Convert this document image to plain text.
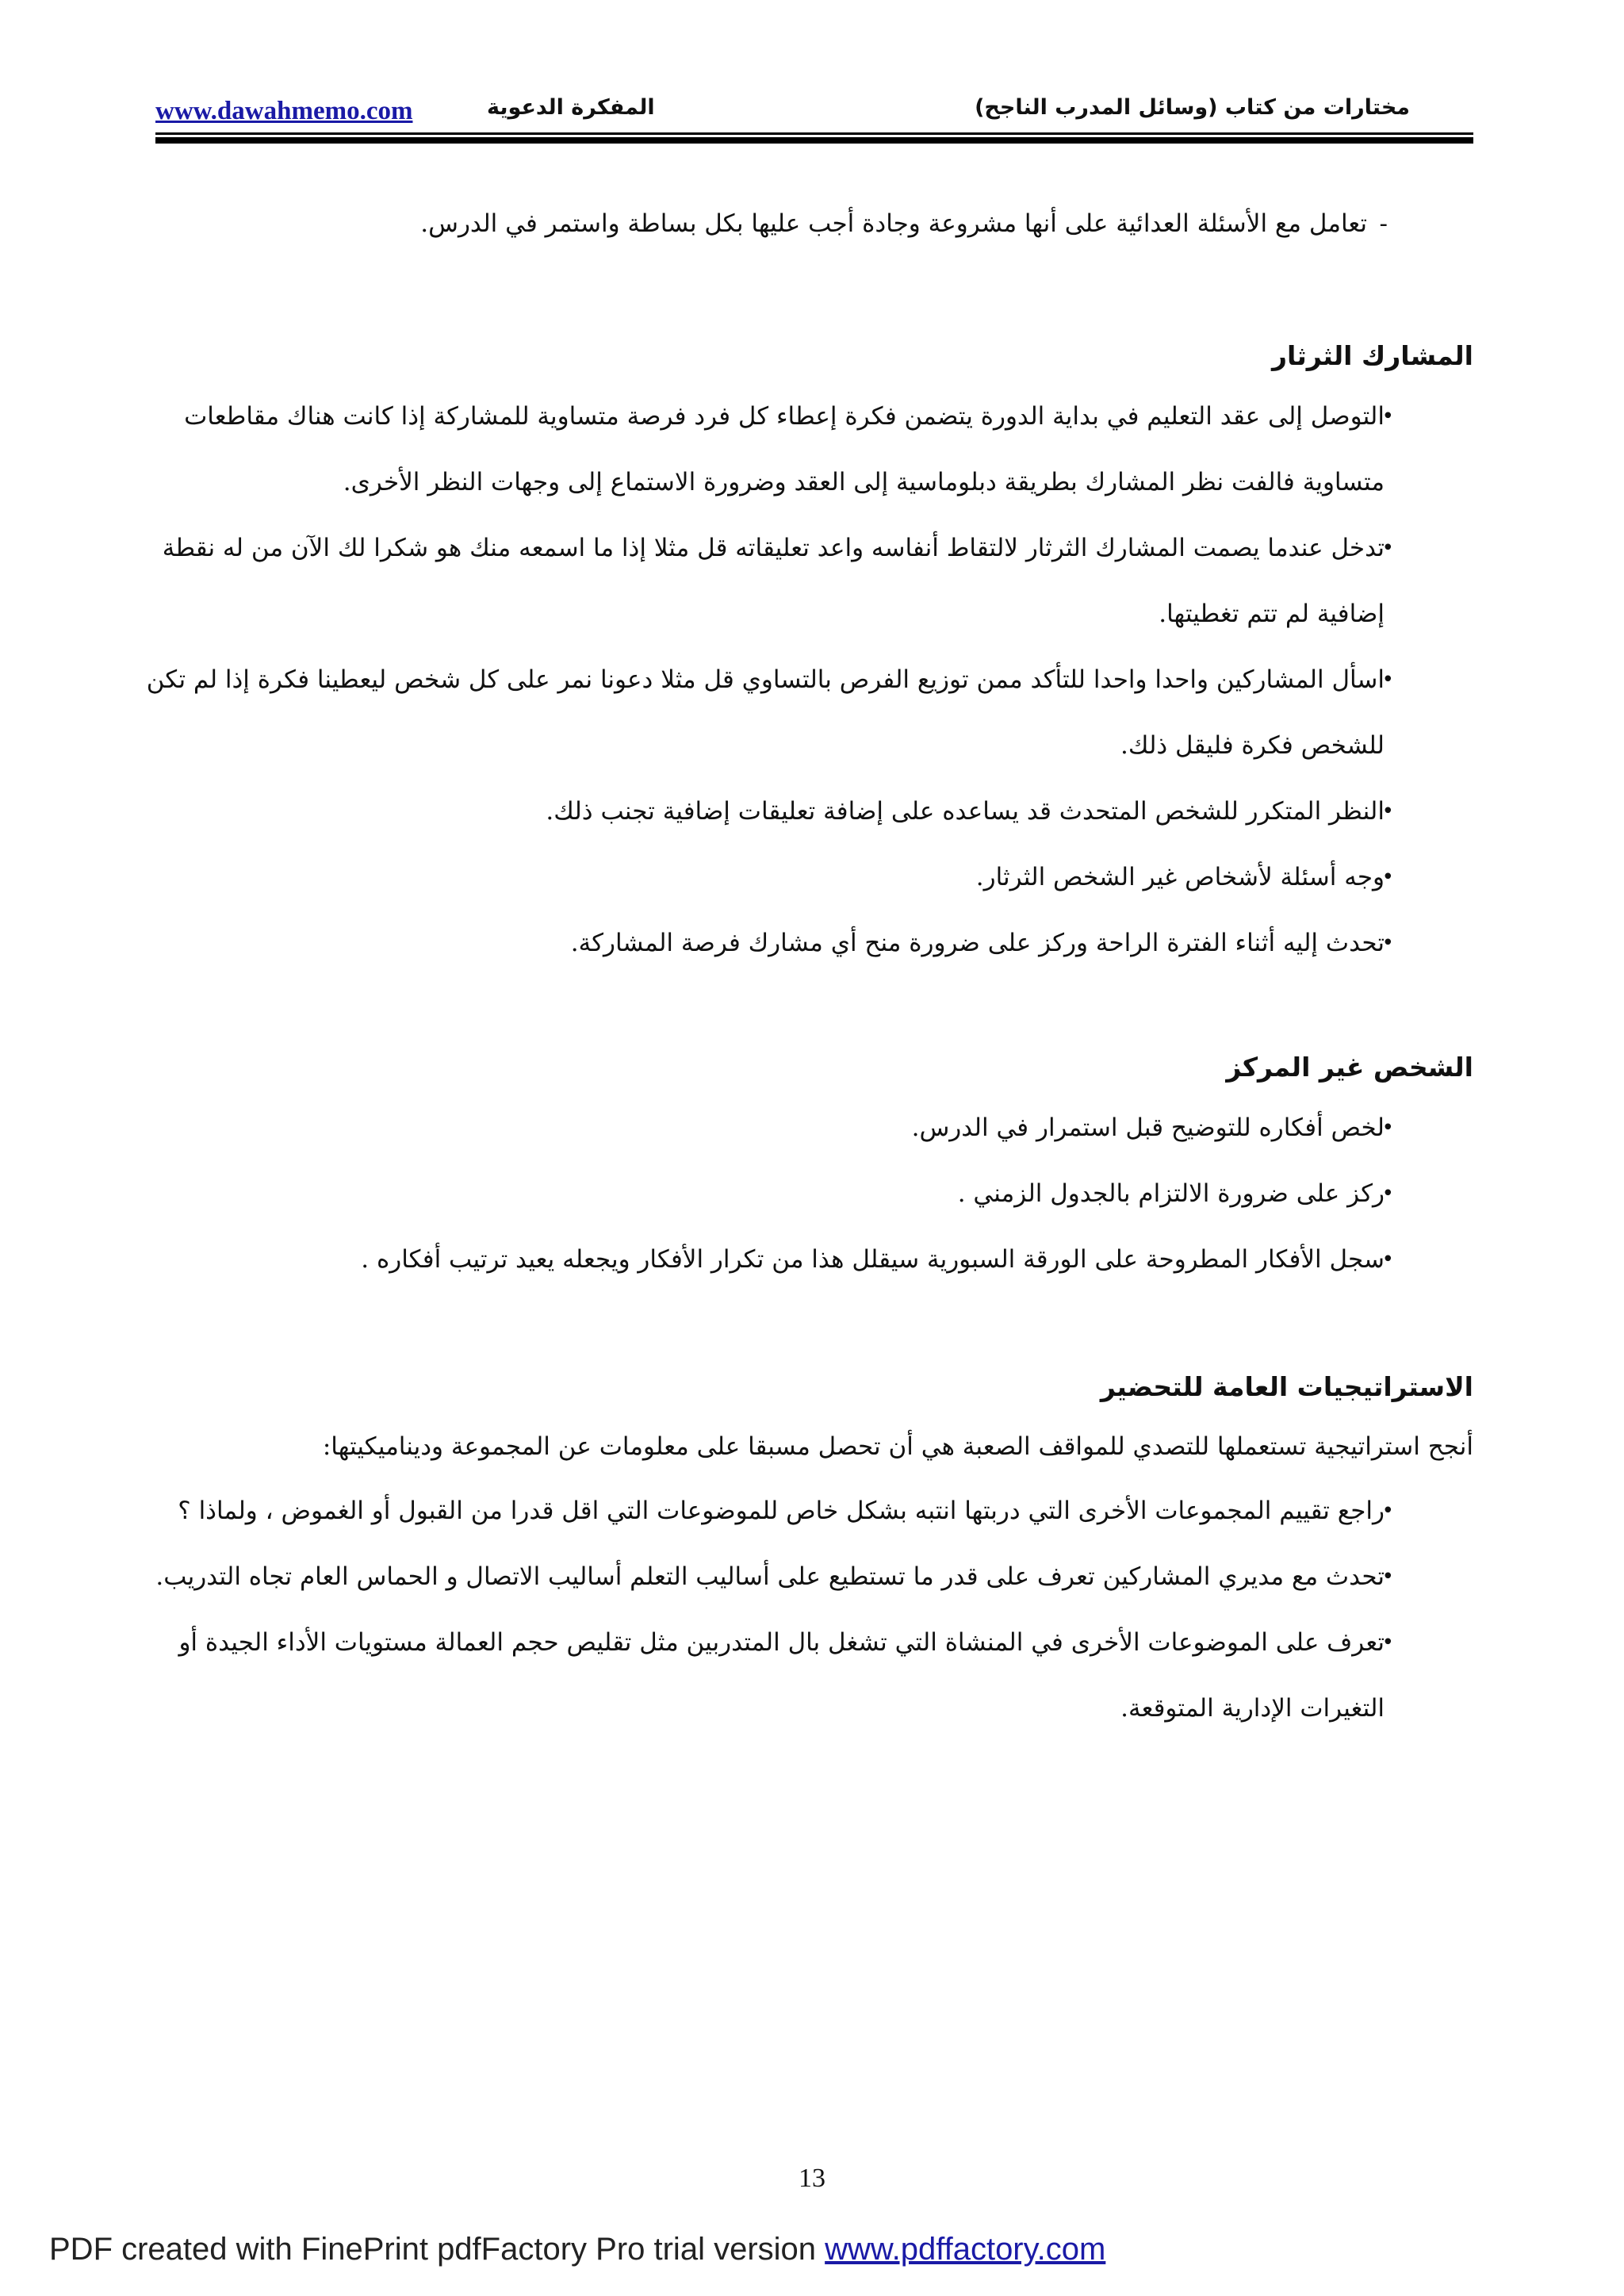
www.dawahmemo.com	المفكرة الدعوية	مختارات من كتاب (وسائل المدرب الناجح)
-
تعامل مع الأسئلة العدائية على أنها مشروعة وجادة أجب عليها بكل بساطة واستمر في الدرس.
المشارك الثرثار
•
التوصل إلى عقد التعليم في بداية الدورة يتضمن فكرة إعطاء كل فرد فرصة متساوية للمشاركة إذا كانت هناك مقاطعات متساوية فالفت نظر المشارك بطريقة دبلوماسية إلى العقد وضرورة الاستماع إلى وجهات النظر الأخرى.
•
تدخل عندما يصمت المشارك الثرثار لالتقاط أنفاسه واعد تعليقاته قل مثلا إذا ما اسمعه منك هو شكرا لك الآن من له نقطة إضافية لم تتم تغطيتها.
•
اسأل المشاركين واحدا واحدا للتأكد ممن توزيع الفرص بالتساوي قل مثلا دعونا نمر على كل شخص ليعطينا فكرة إذا لم تكن للشخص فكرة فليقل ذلك.
•
النظر المتكرر للشخص المتحدث قد يساعده على إضافة تعليقات إضافية تجنب ذلك.
•
وجه أسئلة لأشخاص غير الشخص الثرثار.
•
تحدث إليه أثناء الفترة الراحة وركز على ضرورة منح أي مشارك فرصة المشاركة.
الشخص غير المركز
•
لخص أفكاره للتوضيح قبل استمرار في الدرس.
•
ركز على ضرورة الالتزام بالجدول الزمني .
•
سجل الأفكار المطروحة على الورقة السبورية سيقلل هذا من تكرار الأفكار ويجعله يعيد ترتيب أفكاره .
الاستراتيجيات العامة للتحضير
أنجح استراتيجية تستعملها للتصدي للمواقف الصعبة هي أن تحصل مسبقا على معلومات عن المجموعة وديناميكيتها:
•
راجع تقييم المجموعات الأخرى التي دربتها انتبه بشكل خاص للموضوعات التي اقل قدرا من القبول أو الغموض ، ولماذا ؟
•
تحدث مع مديري المشاركين تعرف على قدر ما تستطيع على أساليب التعلم أساليب الاتصال و الحماس العام تجاه التدريب.
•
تعرف على الموضوعات الأخرى في المنشاة التي تشغل بال المتدربين مثل تقليص حجم العمالة مستويات الأداء الجيدة أو التغيرات الإدارية المتوقعة.
13
PDF created with FinePrint pdfFactory Pro trial version www.pdffactory.com
